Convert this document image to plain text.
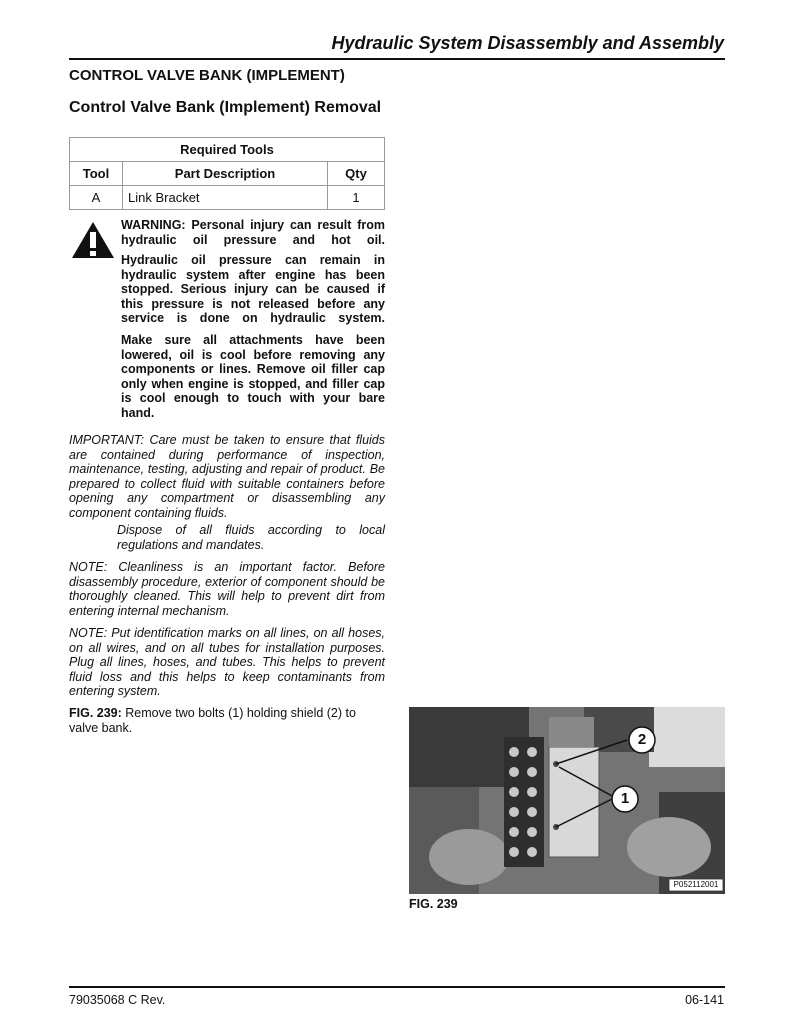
Hydraulic System Disassembly and Assembly
CONTROL VALVE BANK (IMPLEMENT)
Control Valve Bank (Implement) Removal
Required Tools		
Tool	Part Description	Qty
A	Link Bracket	1
WARNING: Personal injury can result from hydraulic oil pressure and hot oil.
Hydraulic oil pressure can remain in hydraulic system after engine has been stopped. Serious injury can be caused if this pressure is not released before any service is done on hydraulic system.
Make sure all attachments have been lowered, oil is cool before removing any components or lines. Remove oil filler cap only when engine is stopped, and filler cap is cool enough to touch with your bare hand.
IMPORTANT: Care must be taken to ensure that fluids are contained during performance of inspection, maintenance, testing, adjusting and repair of product. Be prepared to collect fluid with suitable containers before opening any compartment or disassembling any component containing fluids.
Dispose of all fluids according to local regulations and mandates.
NOTE: Cleanliness is an important factor. Before disassembly procedure, exterior of component should be thoroughly cleaned. This will help to prevent dirt from entering internal mechanism.
NOTE: Put identification marks on all lines, on all hoses, on all wires, and on all tubes for installation purposes. Plug all lines, hoses, and tubes. This helps to prevent fluid loss and this helps to keep contaminants from entering system.
FIG. 239: Remove two bolts (1) holding shield (2) to valve bank.
2
1
P052112001
FIG. 239
79035068 C Rev.	06-141
